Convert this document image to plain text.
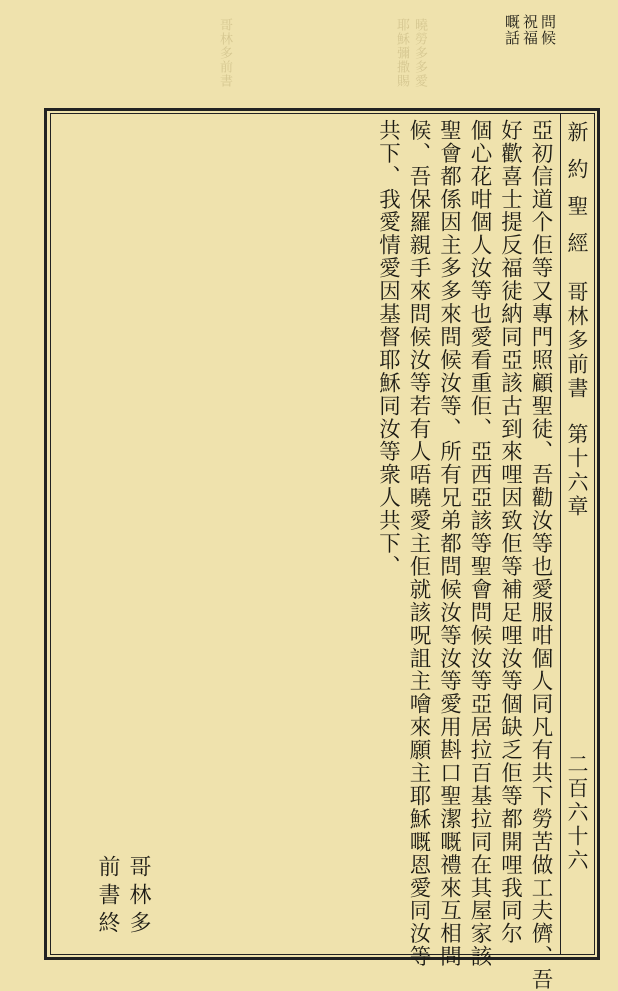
曉勞多多愛
耶穌彌撒賜
哥林多前書	問候
祝福
嘅話
新約聖經
哥林多前書
第十六章
二百六十六
亞初信道个佢等又專門照顧聖徒、吾勸汝等也愛服咁個人同凡有共下勞苦做工夫儕、吾
好歡喜士提反福徒納同亞該古到來哩因致佢等補足哩汝等個缺乏佢等都開哩我同尔
個心花咁個人汝等也愛看重佢、亞西亞該等聖會問候汝等亞居拉百基拉同在其屋家該
聖會都係因主多多來問候汝等、所有兄弟都問候汝等汝等愛用斟口聖潔嘅禮來互相問
候、吾保羅親手來問候汝等若有人唔曉愛主佢就該呪詛主噲來願主耶穌嘅恩愛同汝等
共下、我愛情愛因基督耶穌同汝等衆人共下、
哥林多前書終
